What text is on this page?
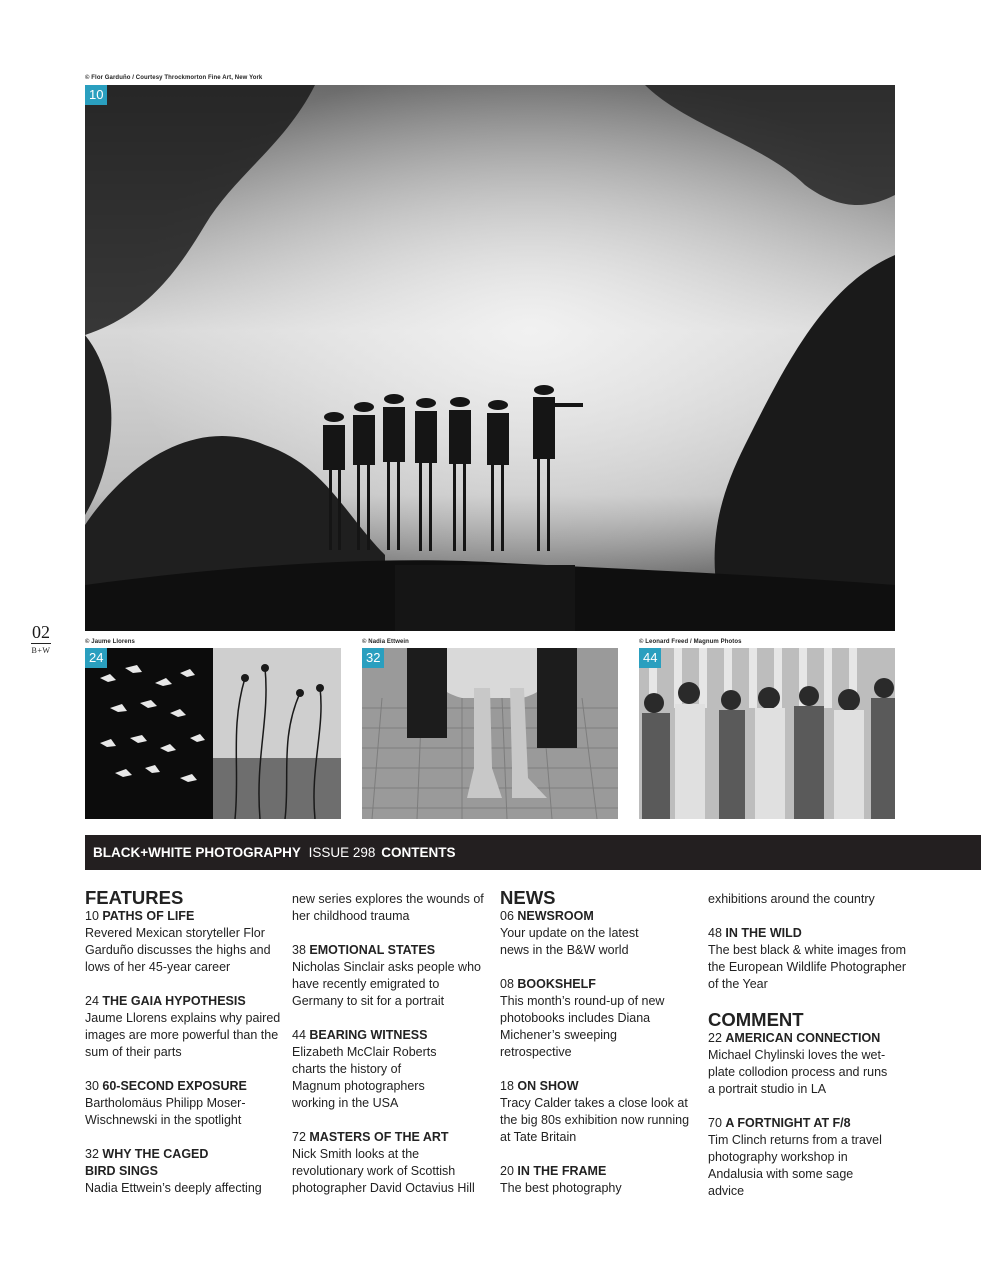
02
B+W
© Flor Garduño / Courtesy Throckmorton Fine Art, New York
10
© Jaume Llorens
24
© Nadia Ettwein
32
© Leonard Freed / Magnum Photos
44
BLACK+WHITE PHOTOGRAPHY ISSUE 298 CONTENTS
FEATURES
10 PATHS OF LIFE
Revered Mexican storyteller Flor Garduño discusses the highs and lows of her 45-year career
24 THE GAIA HYPOTHESIS
Jaume Llorens explains why paired images are more powerful than the sum of their parts
30 60-SECOND EXPOSURE
Bartholomäus Philipp Moser-Wischnewski in the spotlight
32 WHY THE CAGED BIRD SINGS
Nadia Ettwein’s deeply affecting
new series explores the wounds of her childhood trauma
38 EMOTIONAL STATES
Nicholas Sinclair asks people who have recently emigrated to Germany to sit for a portrait
44 BEARING WITNESS
Elizabeth McClair Roberts charts the history of Magnum photographers working in the USA
72 MASTERS OF THE ART
Nick Smith looks at the revolutionary work of Scottish photographer David Octavius Hill
NEWS
06 NEWSROOM
Your update on the latest news in the B&W world
08 BOOKSHELF
This month’s round-up of new photobooks includes Diana Michener’s sweeping retrospective
18 ON SHOW
Tracy Calder takes a close look at the big 80s exhibition now running at Tate Britain
20 IN THE FRAME
The best photography
exhibitions around the country
48 IN THE WILD
The best black & white images from the European Wildlife Photographer of the Year
COMMENT
22 AMERICAN CONNECTION
Michael Chylinski loves the wet-plate collodion process and runs a portrait studio in LA
70 A FORTNIGHT AT F/8
Tim Clinch returns from a travel photography workshop in Andalusia with some sage advice
